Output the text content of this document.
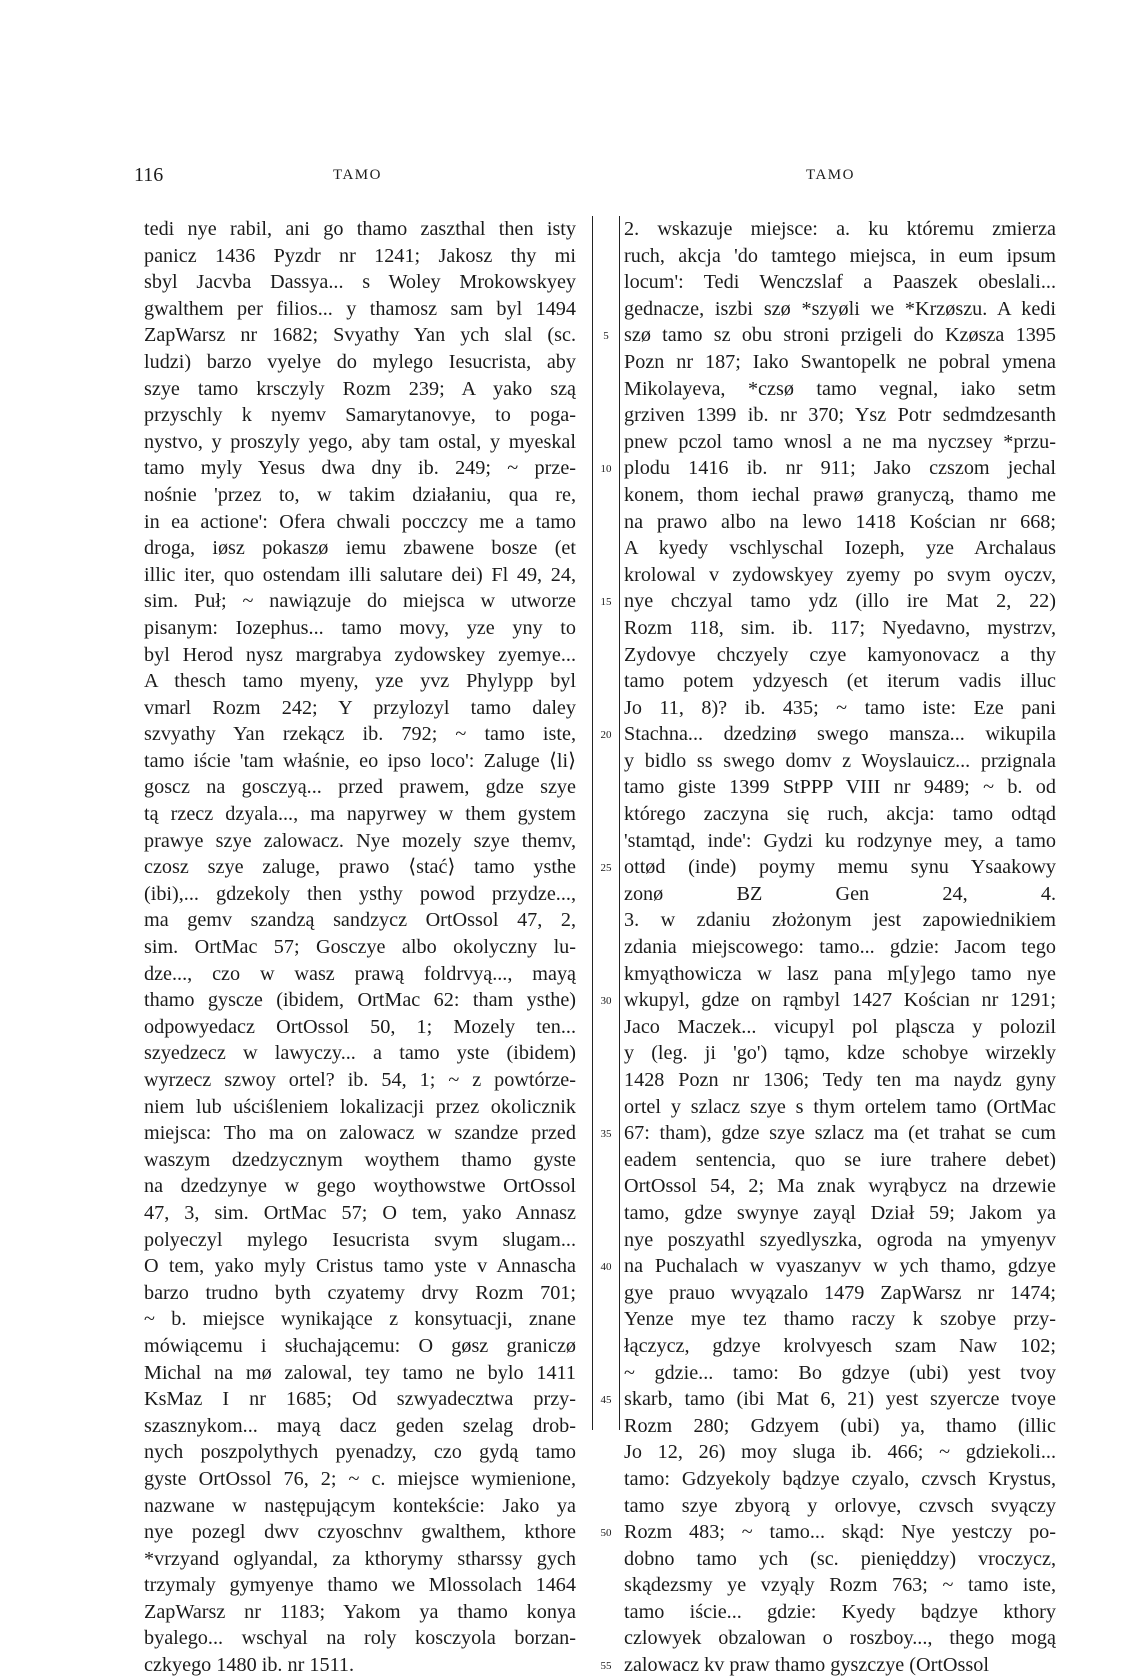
116	TAMO	TAMO
tedi nye rabil, ani go thamo zaszthal then isty
panicz 1436 Pyzdr nr 1241; Jakosz thy mi
sbyl Jacvba Dassya... s Woley Mrokowskyey
gwalthem per filios... y thamosz sam byl 1494
ZapWarsz nr 1682; Svyathy Yan ych slal (sc.
ludzi) barzo vyelye do mylego Iesucrista, aby
szye tamo krsczyly Rozm 239; A yako szą
przyschly k nyemv Samarytanovye, to poga-
nystvo, y proszyly yego, aby tam ostal, y myeskal
tamo myly Yesus dwa dny ib. 249; ~ prze-
nośnie 'przez to, w takim działaniu, qua re,
in ea actione': Ofera chwali pocczcy me a tamo
droga, iøsz pokaszø iemu zbawene bosze (et
illic iter, quo ostendam illi salutare dei) Fl 49, 24,
sim. Puł; ~ nawiązuje do miejsca w utworze
pisanym: Iozephus... tamo movy, yze yny to
byl Herod nysz margrabya zydowskey zyemye...
A thesch tamo myeny, yze yvz Phylypp byl
vmarl Rozm 242; Y przylozyl tamo daley
szvyathy Yan rzekącz ib. 792; ~ tamo iste,
tamo iście 'tam właśnie, eo ipso loco': Zaluge ⟨li⟩
goscz na gosczyą... przed prawem, gdze szye
tą rzecz dzyala..., ma napyrwey w them gystem
prawye szye zalowacz. Nye mozely szye themv,
czosz szye zaluge, prawo ⟨stać⟩ tamo ysthe
(ibi),... gdzekoly then ysthy powod przydze...,
ma gemv szandzą sandzycz OrtOssol 47, 2,
sim. OrtMac 57; Gosczye albo okolyczny lu-
dze..., czo w wasz prawą foldrvyą..., mayą
thamo gyscze (ibidem, OrtMac 62: tham ysthe)
odpowyedacz OrtOssol 50, 1; Mozely ten...
szyedzecz w lawyczy... a tamo yste (ibidem)
wyrzecz szwoy ortel? ib. 54, 1; ~ z powtórze-
niem lub uściśleniem lokalizacji przez okolicznik
miejsca: Tho ma on zalowacz w szandze przed
waszym dzedzycznym woythem thamo gyste
na dzedzynye w gego woythowstwe OrtOssol
47, 3, sim. OrtMac 57; O tem, yako Annasz
polyeczyl mylego Iesucrista svym slugam...
O tem, yako myly Cristus tamo yste v Annascha
barzo trudno byth czyatemy drvy Rozm 701;
~ b. miejsce wynikające z konsytuacji, znane
mówiącemu i słuchającemu: O gøsz graniczø
Michal na mø zalowal, tey tamo ne bylo 1411
KsMaz I nr 1685; Od szwyadecztwa przy-
szasznykom... mayą dacz geden szelag drob-
nych poszpolythych pyenadzy, czo gydą tamo
gyste OrtOssol 76, 2; ~ c. miejsce wymienione,
nazwane w następującym kontekście: Jako ya
nye pozegl dwv czyoschnv gwalthem, kthore
*vrzyand oglyandal, za kthorymy stharssy gych
trzymaly gymyenye thamo we Mlossolach 1464
ZapWarsz nr 1183; Yakom ya thamo konya
byalego... wschyal na roly kosczyola borzan-
czkyego 1480 ib. nr 1511.
5
10
15
20
25
30
35
40
45
50
55
2. wskazuje miejsce: a. ku któremu zmierza
ruch, akcja 'do tamtego miejsca, in eum ipsum
locum': Tedi Wenczslaf a Paaszek obeslali...
gednacze, iszbi szø *szyøli we *Krzøszu. A kedi
szø tamo sz obu stroni przigeli do Kzøsza 1395
Pozn nr 187; Iako Swantopelk ne pobral ymena
Mikolayeva, *czsø tamo vegnal, iako setm
grziven 1399 ib. nr 370; Ysz Potr sedmdzesanth
pnew pczol tamo wnosl a ne ma nyczsey *przu-
plodu 1416 ib. nr 911; Jako czszom jechal
konem, thom iechal prawø granyczą, thamo me
na prawo albo na lewo 1418 Kościan nr 668;
A kyedy vschlyschal Iozeph, yze Archalaus
krolowal v zydowskyey zyemy po svym oyczv,
nye chczyal tamo ydz (illo ire Mat 2, 22)
Rozm 118, sim. ib. 117; Nyedavno, mystrzv,
Zydovye chczyely czye kamyonovacz a thy
tamo potem ydzyesch (et iterum vadis illuc
Jo 11, 8)? ib. 435; ~ tamo iste: Eze pani
Stachna... dzedzinø swego mansza... wikupila
y bidlo ss swego domv z Woyslauicz... przignala
tamo giste 1399 StPPP VIII nr 9489; ~ b. od
którego zaczyna się ruch, akcja: tamo odtąd
'stamtąd, inde': Gydzi ku rodzynye mey, a tamo
ottød (inde) poymy memu synu Ysaakowy
zonø BZ Gen 24, 4.
3. w zdaniu złożonym jest zapowiednikiem
zdania miejscowego: tamo... gdzie: Jacom tego
kmyąthowicza w lasz pana m[y]ego tamo nye
wkupyl, gdze on rąmbyl 1427 Kościan nr 1291;
Jaco Maczek... vicupyl pol pląscza y polozil
y (leg. ji 'go') tąmo, kdze schobye wirzekly
1428 Pozn nr 1306; Tedy ten ma naydz gyny
ortel y szlacz szye s thym ortelem tamo (OrtMac
67: tham), gdze szye szlacz ma (et trahat se cum
eadem sentencia, quo se iure trahere debet)
OrtOssol 54, 2; Ma znak wyrąbycz na drzewie
tamo, gdze swynye zayąl Dział 59; Jakom ya
nye poszyathl szyedlyszka, ogroda na ymyenyv
na Puchalach w vyaszanyv w ych thamo, gdzye
gye prauo wvyązalo 1479 ZapWarsz nr 1474;
Yenze mye tez thamo raczy k szobye przy-
łączycz, gdzye krolvyesch szam Naw 102;
~ gdzie... tamo: Bo gdzye (ubi) yest tvoy
skarb, tamo (ibi Mat 6, 21) yest szyercze tvoye
Rozm 280; Gdzyem (ubi) ya, thamo (illic
Jo 12, 26) moy sluga ib. 466; ~ gdziekoli...
tamo: Gdzyekoly bądzye czyalo, czvsch Krystus,
tamo szye zbyorą y orlovye, czvsch svyączy
Rozm 483; ~ tamo... skąd: Nye yestczy po-
dobno tamo ych (sc. pienięddzy) vroczycz,
skądezsmy ye vzyąly Rozm 763; ~ tamo iste,
tamo iście... gdzie: Kyedy bądzye kthory
czlowyek obzalowan o roszboy..., thego mogą
zalowacz kv praw thamo gyszczye (OrtOssol
